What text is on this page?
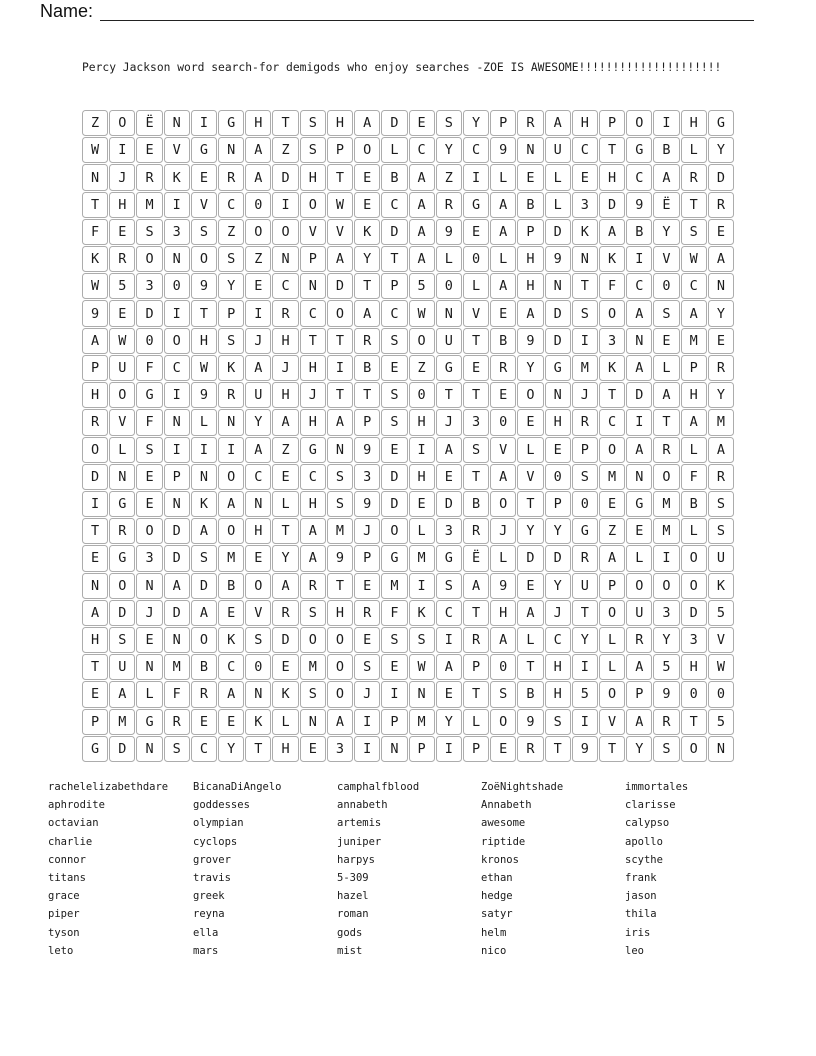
Name:
Percy Jackson word search-for demigods who enjoy searches -ZOE IS AWESOME!!!!!!!!!!!!!!!!!!!!!
Z	O	Ë	N	I	G	H	T	S	H	A	D	E	S	Y	P	R	A	H	P	O	I	H	G
W	I	E	V	G	N	A	Z	S	P	O	L	C	Y	C	9	N	U	C	T	G	B	L	Y
N	J	R	K	E	R	A	D	H	T	E	B	A	Z	I	L	E	L	E	H	C	A	R	D
T	H	M	I	V	C	0	I	O	W	E	C	A	R	G	A	B	L	3	D	9	Ë	T	R
F	E	S	3	S	Z	O	O	V	V	K	D	A	9	E	A	P	D	K	A	B	Y	S	E
K	R	O	N	O	S	Z	N	P	A	Y	T	A	L	0	L	H	9	N	K	I	V	W	A
W	5	3	0	9	Y	E	C	N	D	T	P	5	0	L	A	H	N	T	F	C	0	C	N
9	E	D	I	T	P	I	R	C	O	A	C	W	N	V	E	A	D	S	O	A	S	A	Y
A	W	0	O	H	S	J	H	T	T	R	S	O	U	T	B	9	D	I	3	N	E	M	E
P	U	F	C	W	K	A	J	H	I	B	E	Z	G	E	R	Y	G	M	K	A	L	P	R
H	O	G	I	9	R	U	H	J	T	T	S	0	T	T	E	O	N	J	T	D	A	H	Y
R	V	F	N	L	N	Y	A	H	A	P	S	H	J	3	0	E	H	R	C	I	T	A	M
O	L	S	I	I	I	A	Z	G	N	9	E	I	A	S	V	L	E	P	O	A	R	L	A
D	N	E	P	N	O	C	E	C	S	3	D	H	E	T	A	V	0	S	M	N	O	F	R
I	G	E	N	K	A	N	L	H	S	9	D	E	D	B	O	T	P	0	E	G	M	B	S
T	R	O	D	A	O	H	T	A	M	J	O	L	3	R	J	Y	Y	G	Z	E	M	L	S
E	G	3	D	S	M	E	Y	A	9	P	G	M	G	Ë	L	D	D	R	A	L	I	O	U
N	O	N	A	D	B	O	A	R	T	E	M	I	S	A	9	E	Y	U	P	O	O	O	K
A	D	J	D	A	E	V	R	S	H	R	F	K	C	T	H	A	J	T	O	U	3	D	5
H	S	E	N	O	K	S	D	O	O	E	S	S	I	R	A	L	C	Y	L	R	Y	3	V
T	U	N	M	B	C	0	E	M	O	S	E	W	A	P	0	T	H	I	L	A	5	H	W
E	A	L	F	R	A	N	K	S	O	J	I	N	E	T	S	B	H	5	O	P	9	0	0
P	M	G	R	E	E	K	L	N	A	I	P	M	Y	L	O	9	S	I	V	A	R	T	5
G	D	N	S	C	Y	T	H	E	3	I	N	P	I	P	E	R	T	9	T	Y	S	O	N
rachelelizabethdare
aphrodite
octavian
charlie
connor
titans
grace
piper
tyson
leto
BicanaDiAngelo
goddesses
olympian
cyclops
grover
travis
greek
reyna
ella
mars
camphalfblood
annabeth
artemis
juniper
harpys
5-309
hazel
roman
gods
mist
ZoëNightshade
Annabeth
awesome
riptide
kronos
ethan
hedge
satyr
helm
nico
immortales
clarisse
calypso
apollo
scythe
frank
jason
thila
iris
leo
